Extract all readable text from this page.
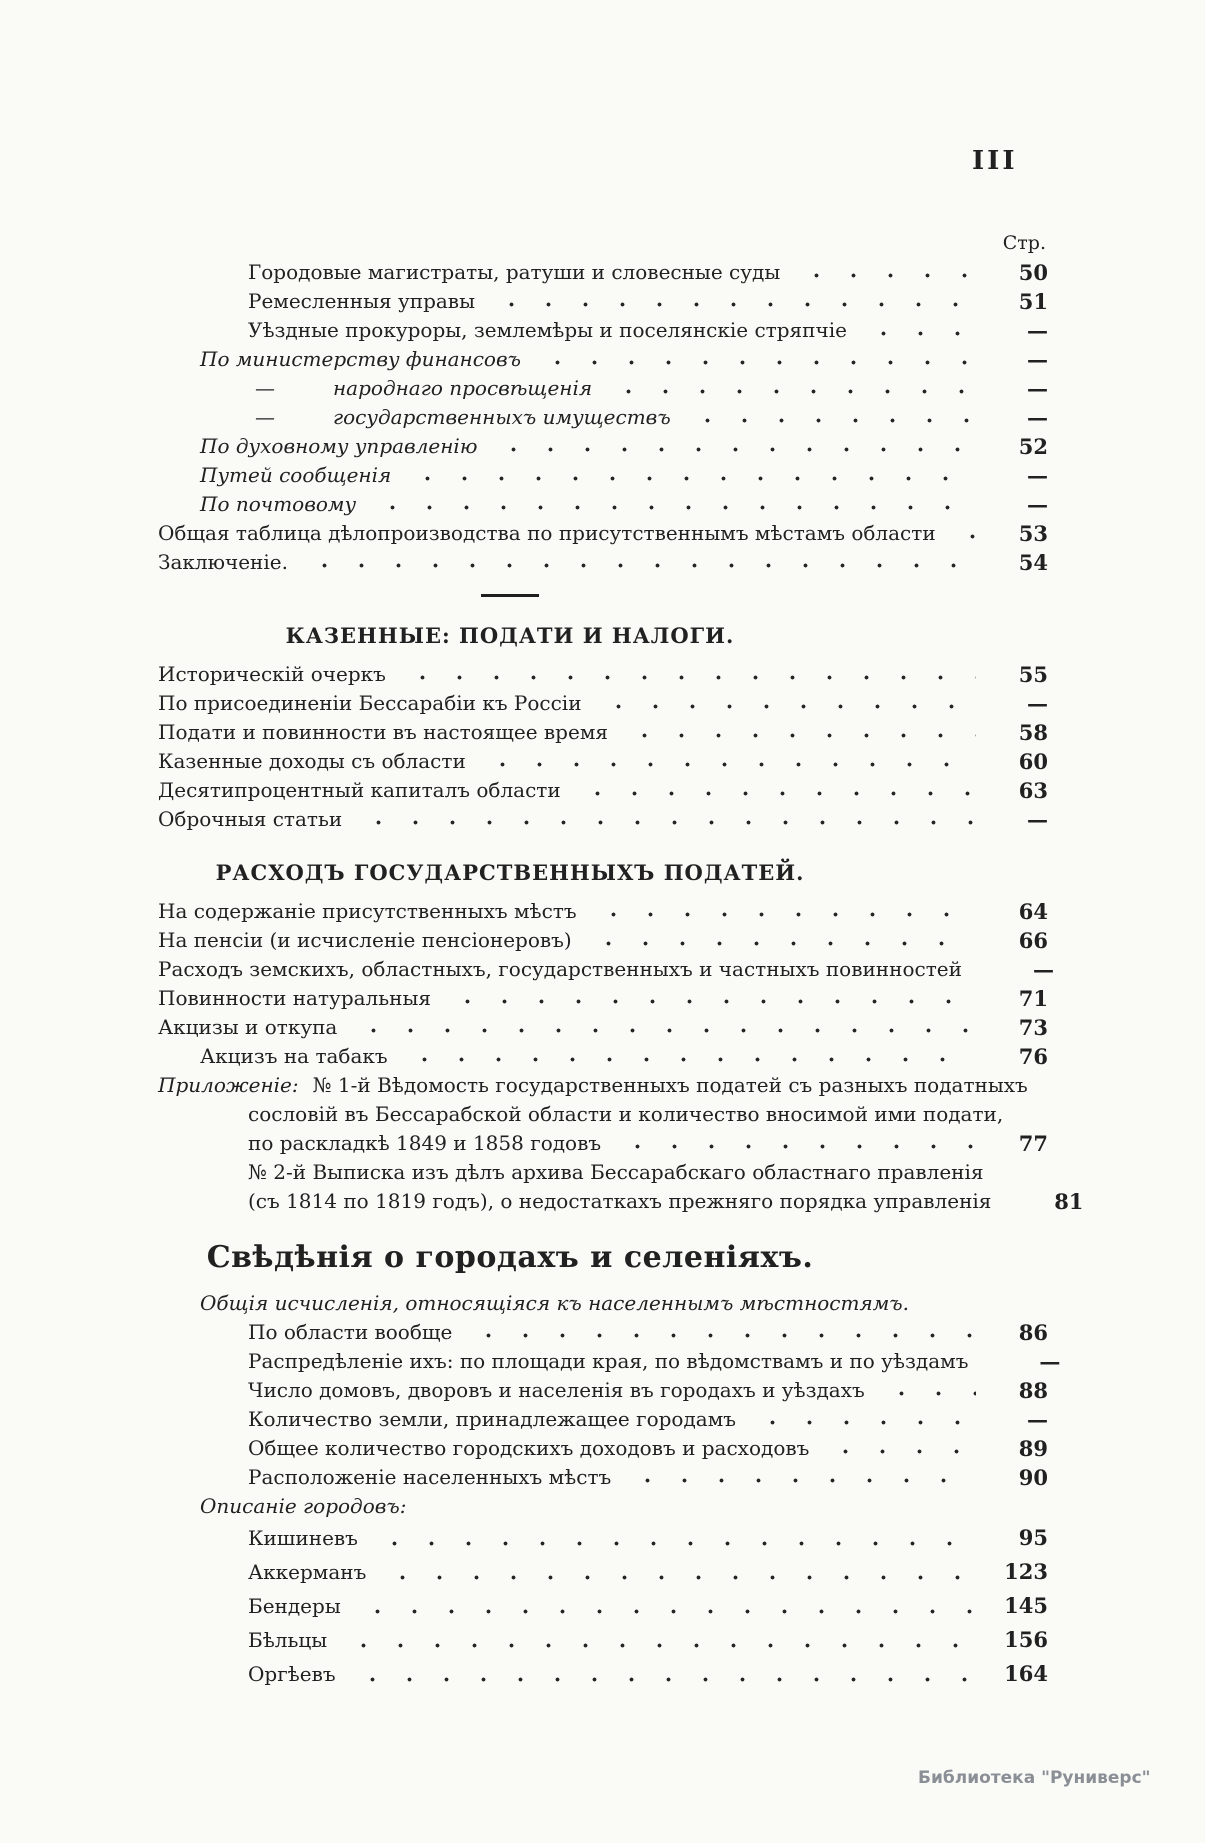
III
Стр.
Городовые магистраты, ратуши и словесные суды	50
Ремесленныя управы	51
Уѣздные прокуроры, землемѣры и поселянскіе стряпчіе	—
По министерству финансовъ	—
—	народнаго просвѣщенія	—
—	государственныхъ имуществъ	—
По духовному управленію	52
Путей сообщенія	—
По почтовому	—
Общая таблица дѣлопроизводства по присутственнымъ мѣстамъ области	53
Заключеніе.	54
КАЗЕННЫЕ: ПОДАТИ И НАЛОГИ.
Историческій очеркъ	55
По присоединеніи Бессарабіи къ Россіи	—
Подати и повинности въ настоящее время	58
Казенные доходы съ области	60
Десятипроцентный капиталъ области	63
Оброчныя статьи	—
РАСХОДЪ ГОСУДАРСТВЕННЫХЪ ПОДАТЕЙ.
На содержаніе присутственныхъ мѣстъ	64
На пенсіи (и исчисленіе пенсіонеровъ)	66
Расходъ земскихъ, областныхъ, государственныхъ и частныхъ повинностей	—
Повинности натуральныя	71
Акцизы и откупа	73
Акцизъ на табакъ	76
Приложеніе: № 1-й Вѣдомость государственныхъ податей съ разныхъ податныхъ
сословій въ Бессарабской области и количество вносимой ими подати,
по раскладкѣ 1849 и 1858 годовъ	77
№ 2-й Выписка изъ дѣлъ архива Бессарабскаго областнаго правленія
(съ 1814 по 1819 годъ), о недостаткахъ прежняго порядка управленія	81
Свѣдѣнія о городахъ и селеніяхъ.
Общія исчисленія, относящіяся къ населеннымъ мѣстностямъ.
По области вообще	86
Распредѣленіе ихъ: по площади края, по вѣдомствамъ и по уѣздамъ	—
Число домовъ, дворовъ и населенія въ городахъ и уѣздахъ	88
Количество земли, принадлежащее городамъ	—
Общее количество городскихъ доходовъ и расходовъ	89
Расположеніе населенныхъ мѣстъ	90
Описаніе городовъ:
Кишиневъ	95
Аккерманъ	123
Бендеры	145
Бѣльцы	156
Оргѣевъ	164
Библиотека "Руниверс"
